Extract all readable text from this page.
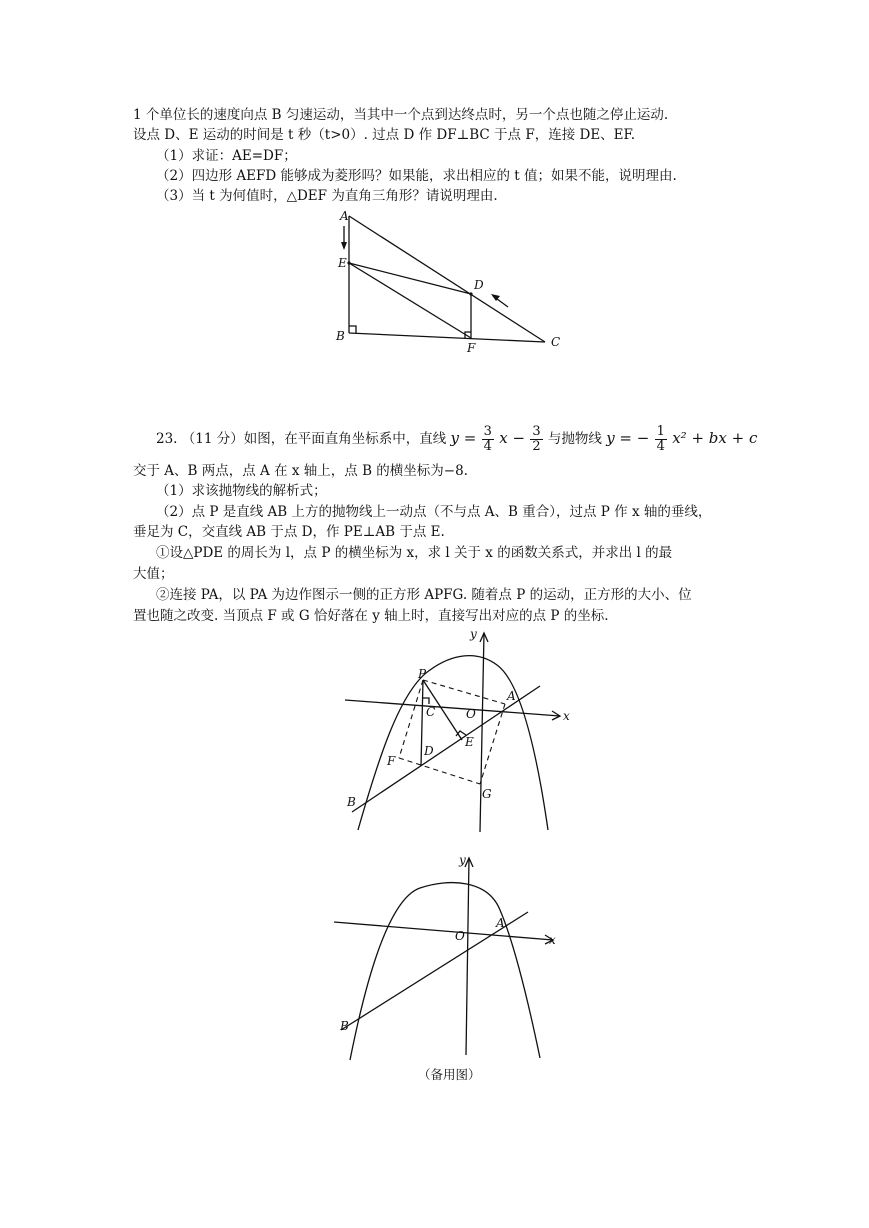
1 个单位长的速度向点 B 匀速运动，当其中一个点到达终点时，另一个点也随之停止运动.
设点 D、E 运动的时间是 t 秒（t>0）. 过点 D 作 DF⊥BC 于点 F，连接 DE、EF.
（1）求证：AE=DF；
（2）四边形 AEFD 能够成为菱形吗？如果能，求出相应的 t 值；如果不能，说明理由.
（3）当 t 为何值时，△DEF 为直角三角形？请说明理由.
A
E
D
B
F	C
23. （11 分）如图，在平面直角坐标系中，直线 $y = \frac{3}{4}$ $x - \frac{3}{2}$ 与抛物线 y = − $\frac{1}{4} x^2$ + bx + c
交于 A、B 两点，点 A 在 x 轴上，点 B 的横坐标为−8.
（1）求该抛物线的解析式；
（2）点 P 是直线 AB 上方的抛物线上一动点（不与点 A、B 重合），过点 P 作 x 轴的垂线，
垂足为 C，交直线 AB 于点 D，作 PE⊥AB 于点 E.
①设△PDE 的周长为 l，点 P 的横坐标为 x，求 l 关于 x 的函数关系式，并求出 l 的最
大值；
②连接 PA，以 PA 为边作图示一侧的正方形 APFG. 随着点 P 的运动，正方形的大小、位
置也随之改变. 当顶点 F 或 G 恰好落在 y 轴上时，直接写出对应的点 P 的坐标.
y
x
P
A
C	O
E
D
F
G
B
y
x
O
A
B
（备用图）
